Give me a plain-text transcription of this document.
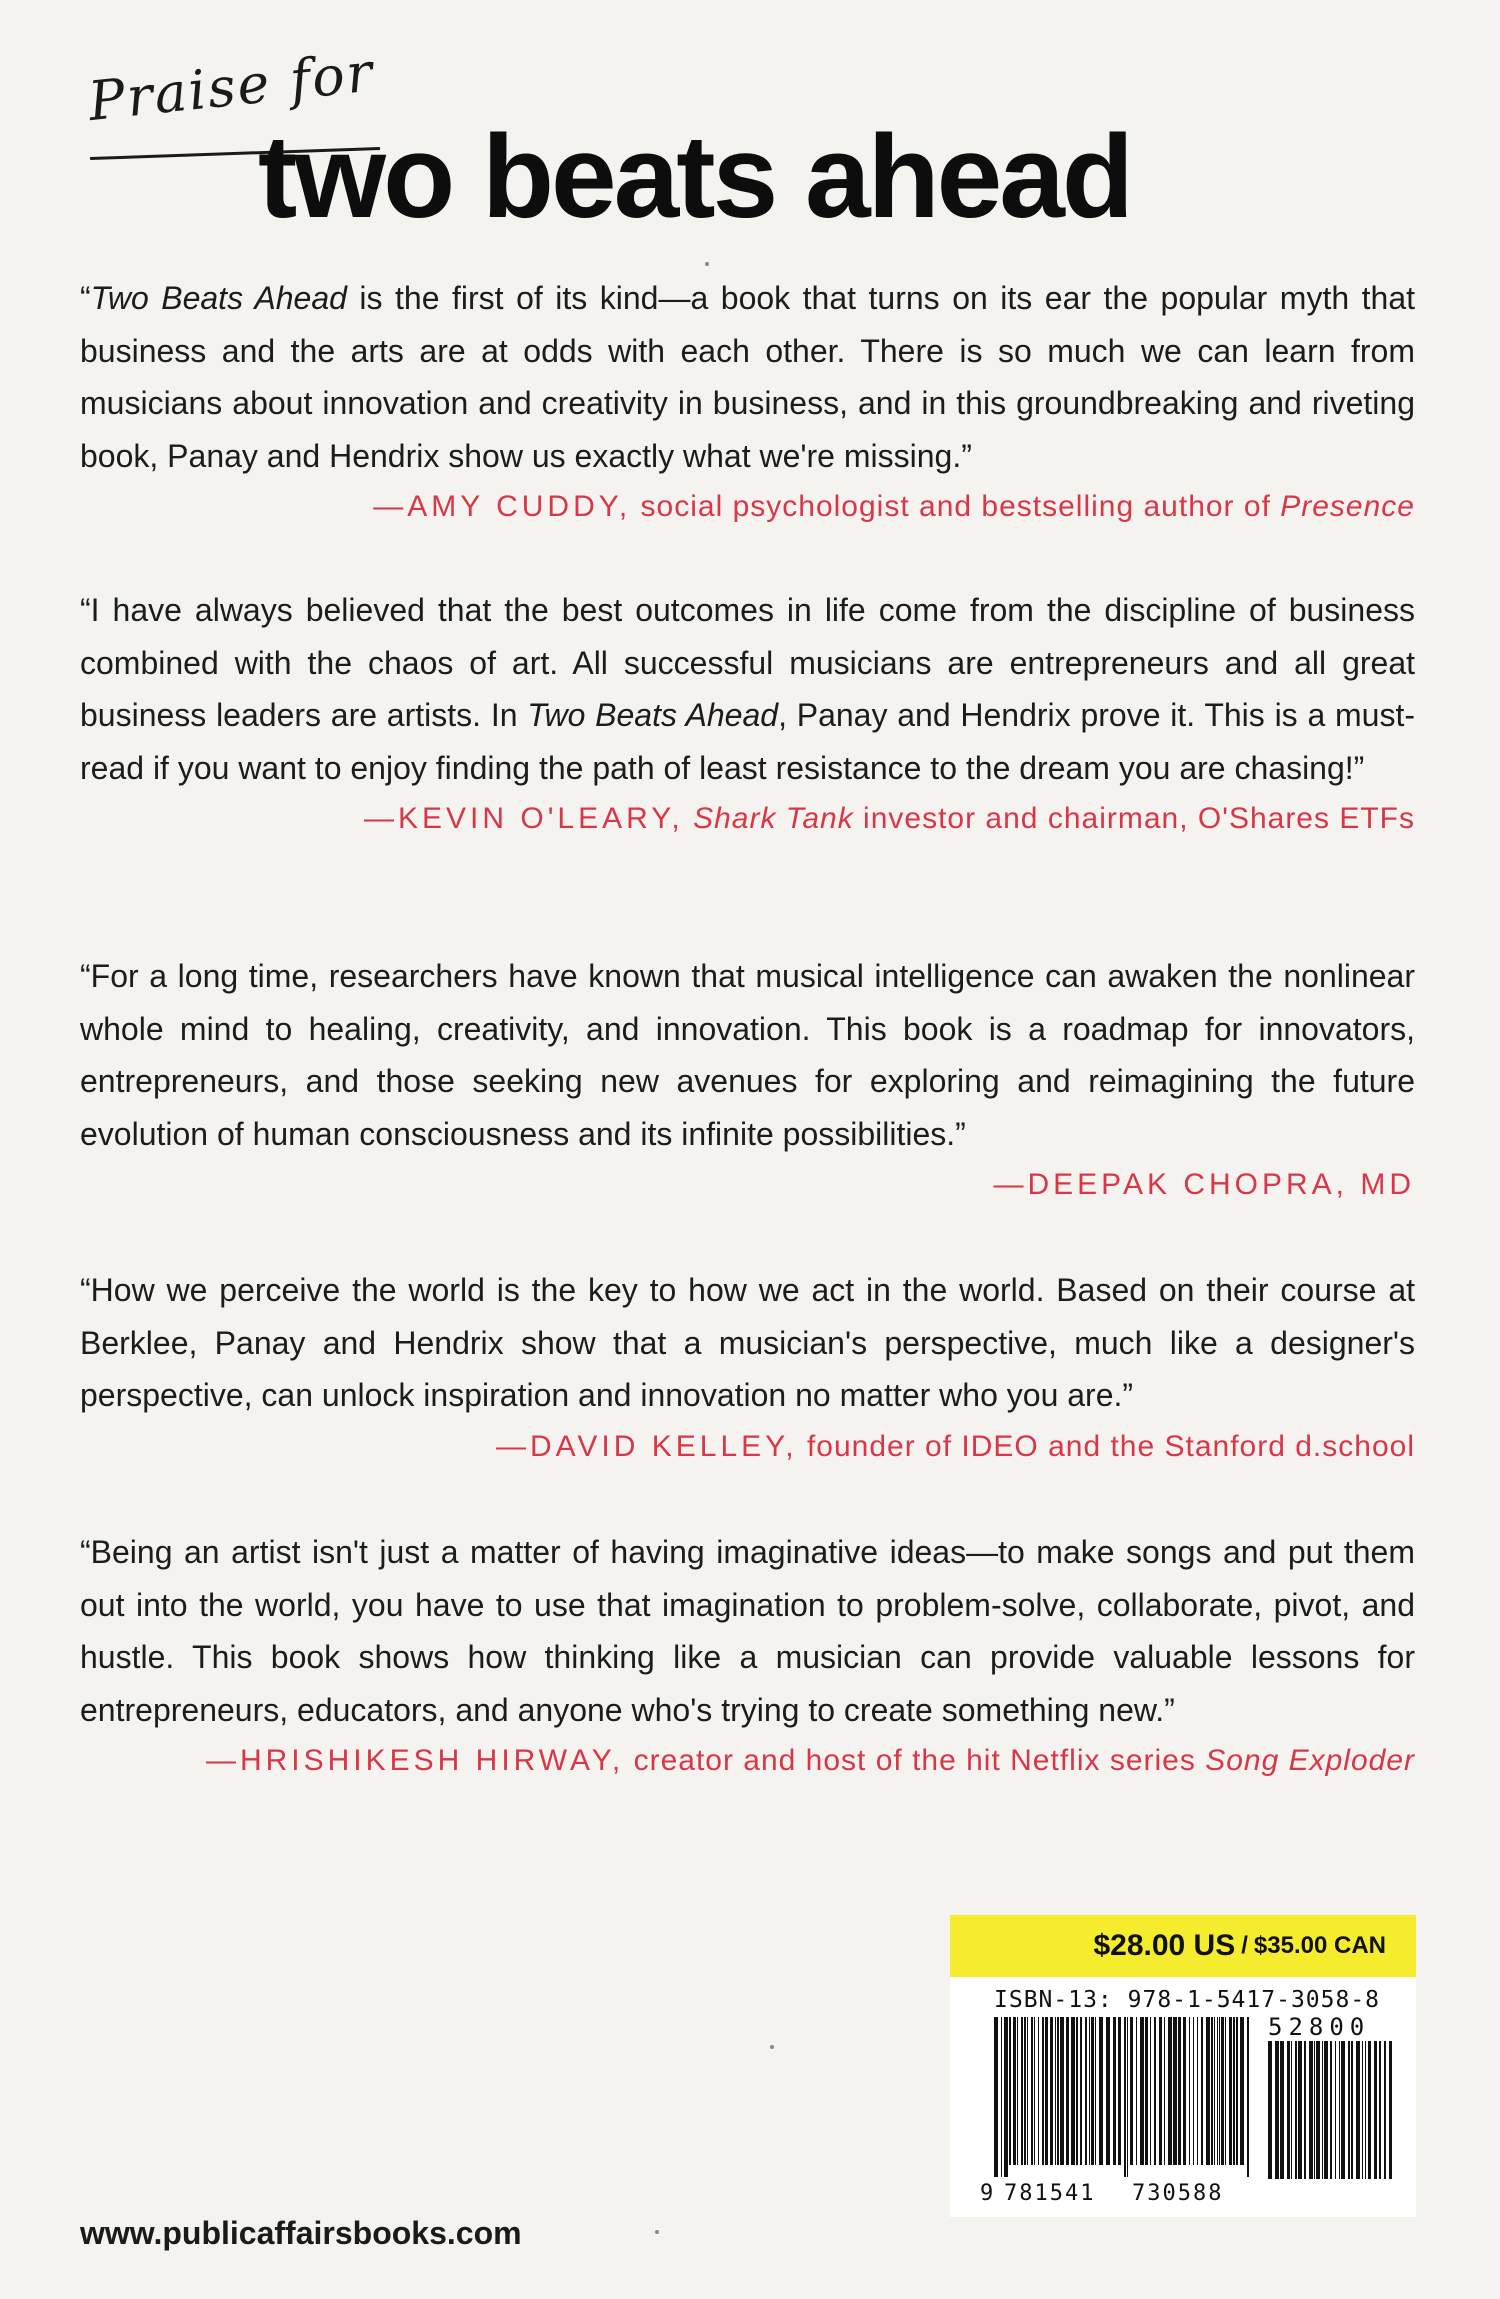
Praise for
two beats ahead

“Two Beats Ahead is the first of its kind—a book that turns on its ear the popular myth that business and the arts are at odds with each other. There is so much we can learn from musicians about innovation and creativity in business, and in this groundbreaking and riveting book, Panay and Hendrix show us exactly what we're missing.”

—AMY CUDDY, social psychologist and bestselling author of Presence

“I have always believed that the best outcomes in life come from the discipline of business combined with the chaos of art. All successful musicians are entrepreneurs and all great business leaders are artists. In Two Beats Ahead, Panay and Hendrix prove it. This is a must-read if you want to enjoy finding the path of least resistance to the dream you are chasing!”

—KEVIN O'LEARY, Shark Tank investor and chairman, O'Shares ETFs

“For a long time, researchers have known that musical intelligence can awaken the nonlinear whole mind to healing, creativity, and innovation. This book is a roadmap for innovators, entrepreneurs, and those seeking new avenues for exploring and reimagining the future evolution of human consciousness and its infinite possibilities.”

—DEEPAK CHOPRA, MD

“How we perceive the world is the key to how we act in the world. Based on their course at Berklee, Panay and Hendrix show that a musician's perspective, much like a designer's perspective, can unlock inspiration and innovation no matter who you are.”

—DAVID KELLEY, founder of IDEO and the Stanford d.school

“Being an artist isn't just a matter of having imaginative ideas—to make songs and put them out into the world, you have to use that imagination to problem-solve, collaborate, pivot, and hustle. This book shows how thinking like a musician can provide valuable lessons for entrepreneurs, educators, and anyone who's trying to create something new.”

—HRISHIKESH HIRWAY, creator and host of the hit Netflix series Song Exploder
$28.00 US / $35.00 CAN
ISBN-13: 978-1-5417-3058-8
52800
9 781541 730588
www.publicaffairsbooks.com
